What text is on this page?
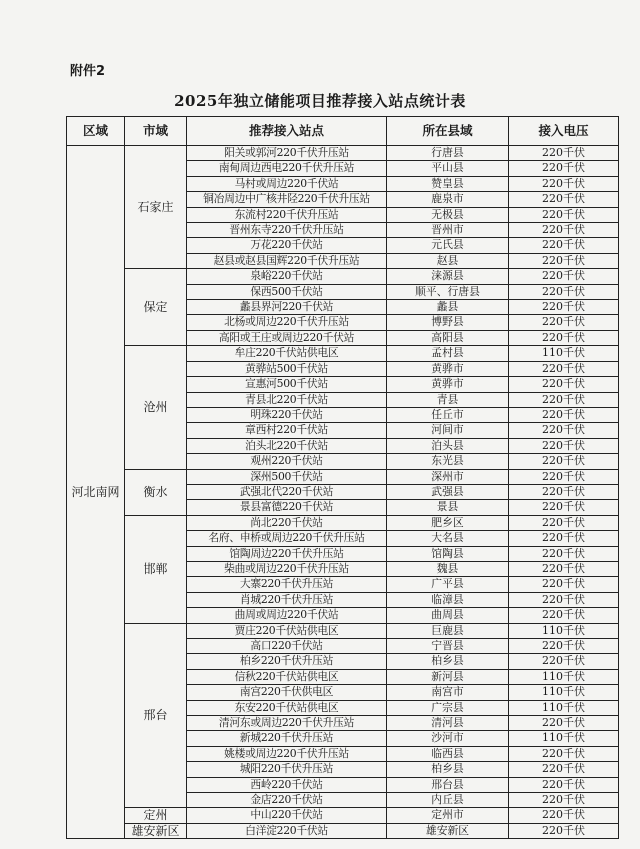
附件2
2025年独立储能项目推荐接入站点统计表
区域	市域	推荐接入站点	所在县域	接入电压
河北南网	石家庄	阳关或郭河220千伏升压站	行唐县	220千伏
		南甸周边西电220千伏升压站	平山县	220千伏
		马村或周边220千伏站	赞皇县	220千伏
		铜冶周边中广核井陉220千伏升压站	鹿泉市	220千伏
		东流村220千伏升压站	无极县	220千伏
		晋州东寺220千伏升压站	晋州市	220千伏
		万花220千伏站	元氏县	220千伏
		赵县或赵县国辉220千伏升压站	赵县	220千伏
	保定	泉峪220千伏站	涞源县	220千伏
		保西500千伏站	顺平、行唐县	220千伏
		蠡县界河220千伏站	蠡县	220千伏
		北杨或周边220千伏升压站	博野县	220千伏
		高阳或王庄或周边220千伏站	高阳县	220千伏
	沧州	牟庄220千伏站供电区	孟村县	110千伏
		黄骅站500千伏站	黄骅市	220千伏
		宣惠河500千伏站	黄骅市	220千伏
		青县北220千伏站	青县	220千伏
		明珠220千伏站	任丘市	220千伏
		章西村220千伏站	河间市	220千伏
		泊头北220千伏站	泊头县	220千伏
		观州220千伏站	东光县	220千伏
	衡水	深州500千伏站	深州市	220千伏
		武强北代220千伏站	武强县	220千伏
		景县富德220千伏站	景县	220千伏
	邯郸	尚北220千伏站	肥乡区	220千伏
		名府、申桥或周边220千伏升压站	大名县	220千伏
		馆陶周边220千伏升压站	馆陶县	220千伏
		柴曲或周边220千伏升压站	魏县	220千伏
		大寨220千伏升压站	广平县	220千伏
		肖城220千伏升压站	临漳县	220千伏
		曲周或周边220千伏站	曲周县	220千伏
	邢台	贾庄220千伏站供电区	巨鹿县	110千伏
		高口220千伏站	宁晋县	220千伏
		柏乡220千伏升压站	柏乡县	220千伏
		信秋220千伏站供电区	新河县	110千伏
		南宫220千伏供电区	南宫市	110千伏
		东安220千伏站供电区	广宗县	110千伏
		清河东或周边220千伏升压站	清河县	220千伏
		新城220千伏升压站	沙河市	110千伏
		姚楼或周边220千伏升压站	临西县	220千伏
		城阳220千伏升压站	柏乡县	220千伏
		西岭220千伏站	邢台县	220千伏
		金店220千伏站	内丘县	220千伏
	定州	中山220千伏站	定州市	220千伏
	雄安新区	白洋淀220千伏站	雄安新区	220千伏
